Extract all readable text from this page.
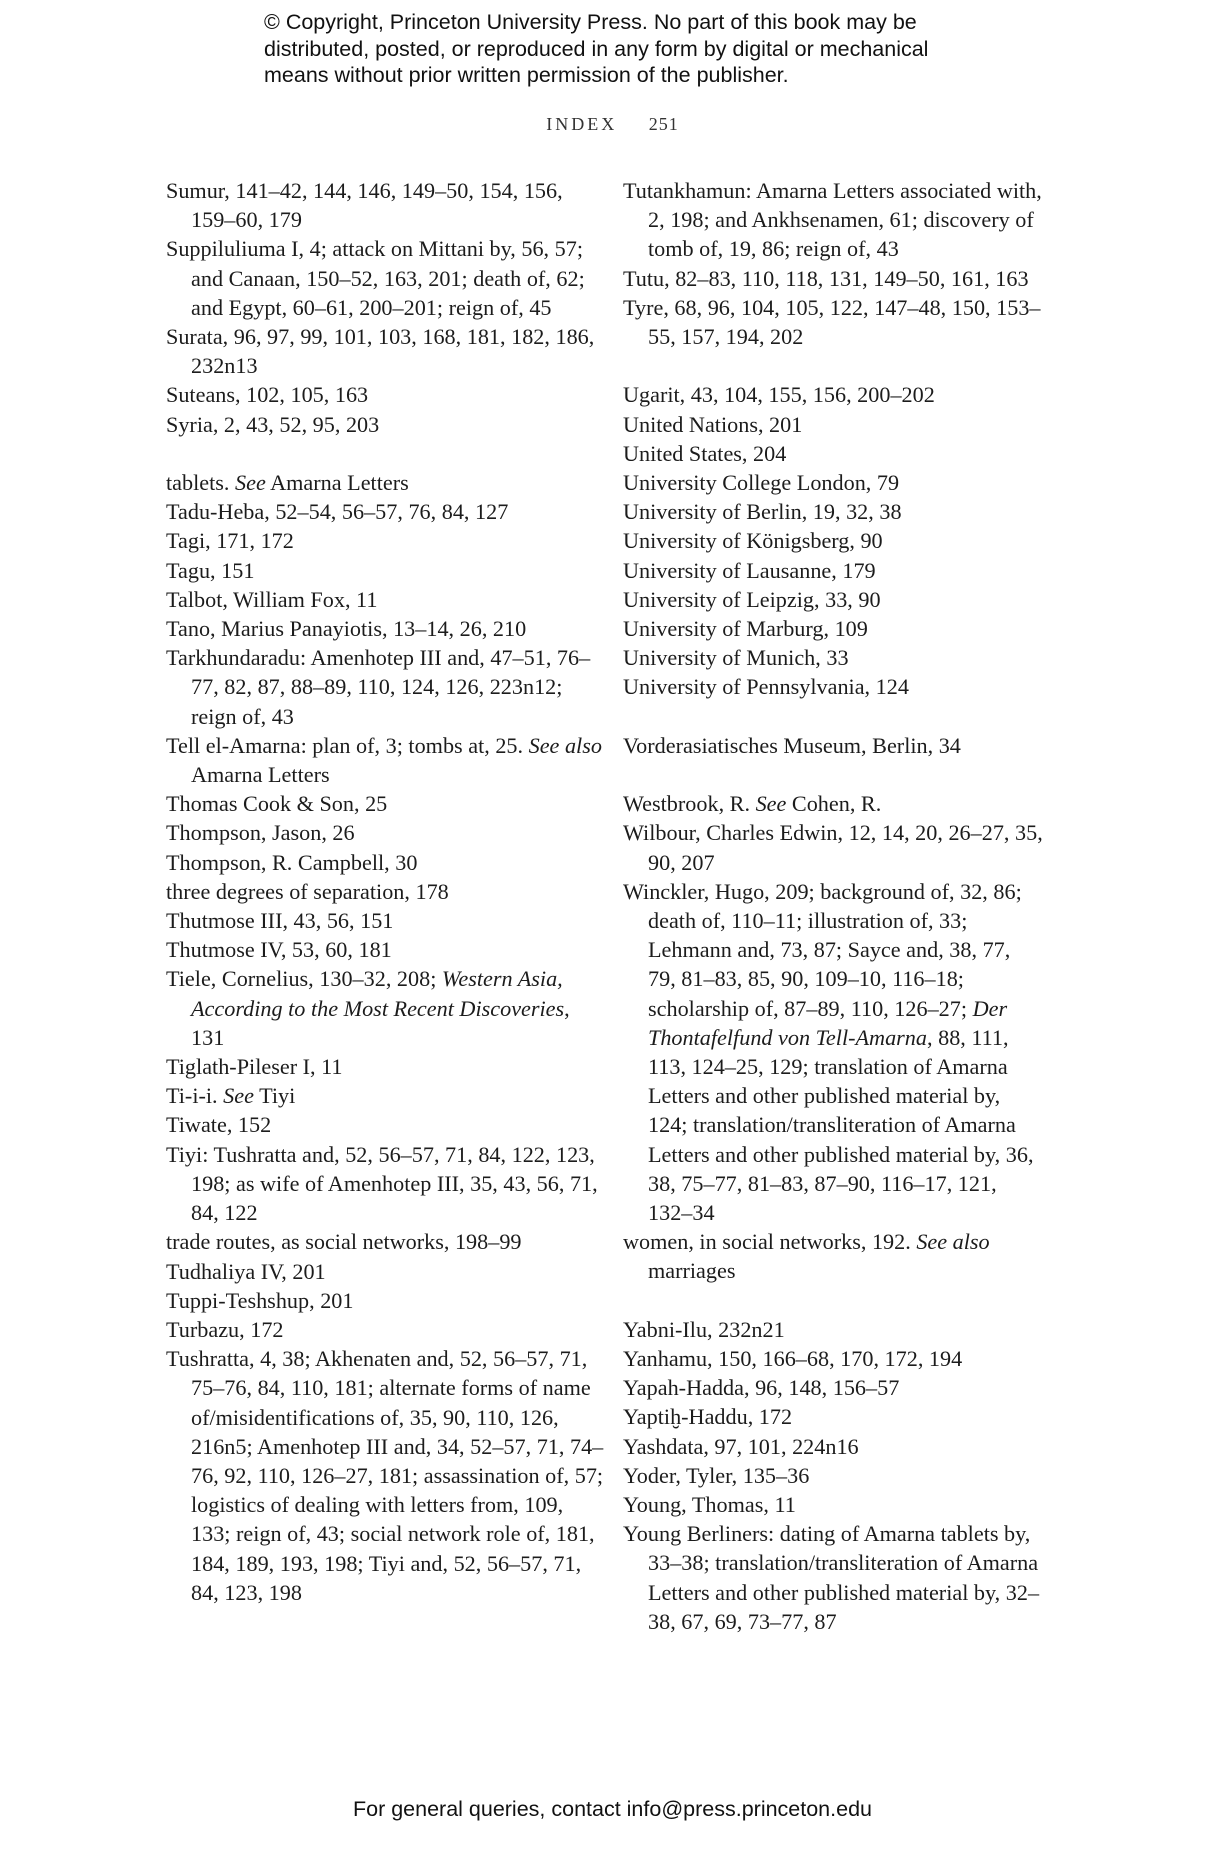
© Copyright, Princeton University Press. No part of this book may be
distributed, posted, or reproduced in any form by digital or mechanical
means without prior written permission of the publisher.
INDEX 251

Sumur, 141–42, 144, 146, 149–50, 154, 156, 159–60, 179

Suppiluliuma I, 4; attack on Mittani by, 56, 57; and Canaan, 150–52, 163, 201; death of, 62; and Egypt, 60–61, 200–201; reign of, 45

Surata, 96, 97, 99, 101, 103, 168, 181, 182, 186, 232n13

Suteans, 102, 105, 163

Syria, 2, 43, 52, 95, 203

tablets. See Amarna Letters

Tadu-Heba, 52–54, 56–57, 76, 84, 127

Tagi, 171, 172

Tagu, 151

Talbot, William Fox, 11

Tano, Marius Panayiotis, 13–14, 26, 210

Tarkhundaradu: Amenhotep III and, 47–51, 76–77, 82, 87, 88–89, 110, 124, 126, 223n12; reign of, 43

Tell el-Amarna: plan of, 3; tombs at, 25. See also Amarna Letters

Thomas Cook & Son, 25

Thompson, Jason, 26

Thompson, R. Campbell, 30

three degrees of separation, 178

Thutmose III, 43, 56, 151

Thutmose IV, 53, 60, 181

Tiele, Cornelius, 130–32, 208; Western Asia, According to the Most Recent Discoveries, 131

Tiglath-Pileser I, 11

Ti-i-i. See Tiyi

Tiwate, 152

Tiyi: Tushratta and, 52, 56–57, 71, 84, 122, 123, 198; as wife of Amenhotep III, 35, 43, 56, 71, 84, 122

trade routes, as social networks, 198–99

Tudhaliya IV, 201

Tuppi-Teshshup, 201

Turbazu, 172

Tushratta, 4, 38; Akhenaten and, 52, 56–57, 71, 75–76, 84, 110, 181; alternate forms of name of/misidentifications of, 35, 90, 110, 126, 216n5; Amenhotep III and, 34, 52–57, 71, 74–76, 92, 110, 126–27, 181; assassination of, 57; logistics of dealing with letters from, 109, 133; reign of, 43; social network role of, 181, 184, 189, 193, 198; Tiyi and, 52, 56–57, 71, 84, 123, 198

Tutankhamun: Amarna Letters associated with, 2, 198; and Ankhsenamen, 61; discovery of tomb of, 19, 86; reign of, 43

Tutu, 82–83, 110, 118, 131, 149–50, 161, 163

Tyre, 68, 96, 104, 105, 122, 147–48, 150, 153–55, 157, 194, 202

Ugarit, 43, 104, 155, 156, 200–202

United Nations, 201

United States, 204

University College London, 79

University of Berlin, 19, 32, 38

University of Königsberg, 90

University of Lausanne, 179

University of Leipzig, 33, 90

University of Marburg, 109

University of Munich, 33

University of Pennsylvania, 124

Vorderasiatisches Museum, Berlin, 34

Westbrook, R. See Cohen, R.

Wilbour, Charles Edwin, 12, 14, 20, 26–27, 35, 90, 207

Winckler, Hugo, 209; background of, 32, 86; death of, 110–11; illustration of, 33; Lehmann and, 73, 87; Sayce and, 38, 77, 79, 81–83, 85, 90, 109–10, 116–18; scholarship of, 87–89, 110, 126–27; Der Thontafelfund von Tell-Amarna, 88, 111, 113, 124–25, 129; translation of Amarna Letters and other published material by, 124; translation/transliteration of Amarna Letters and other published material by, 36, 38, 75–77, 81–83, 87–90, 116–17, 121, 132–34

women, in social networks, 192. See also marriages

Yabni-Ilu, 232n21

Yanhamu, 150, 166–68, 170, 172, 194

Yapah-Hadda, 96, 148, 156–57

Yaptiḫ-Haddu, 172

Yashdata, 97, 101, 224n16

Yoder, Tyler, 135–36

Young, Thomas, 11

Young Berliners: dating of Amarna tablets by, 33–38; translation/transliteration of Amarna Letters and other published material by, 32–38, 67, 69, 73–77, 87

For general queries, contact info@press.princeton.edu
